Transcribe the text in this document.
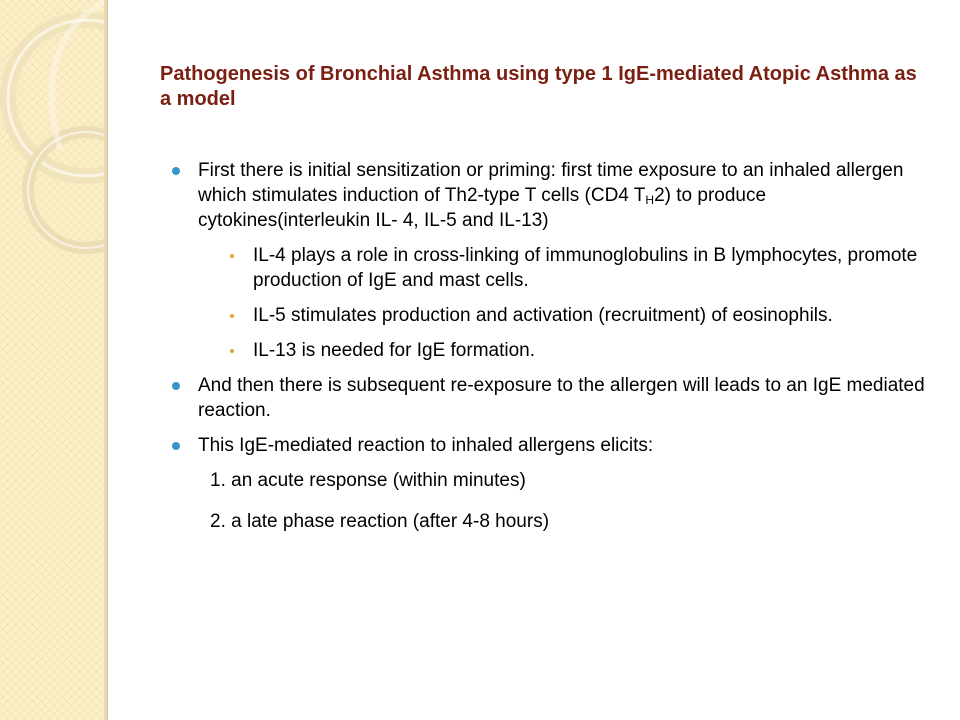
Pathogenesis of Bronchial Asthma using type 1 IgE-mediated Atopic Asthma as a model
First there is initial sensitization or priming: first time exposure to an inhaled allergen which stimulates induction of Th2-type T cells (CD4 $T_H2$) to produce cytokines(interleukin IL- 4, IL-5 and IL-13)
IL-4 plays a role in cross-linking of immunoglobulins in B lymphocytes, promote production of IgE and mast cells.
IL-5 stimulates production and activation (recruitment) of eosinophils.
IL-13 is needed for IgE formation.
And then there is subsequent re-exposure to the allergen will leads to an IgE mediated reaction.
This IgE-mediated reaction to inhaled allergens elicits:
1. an acute response (within minutes)
2. a late phase reaction (after 4-8 hours)
